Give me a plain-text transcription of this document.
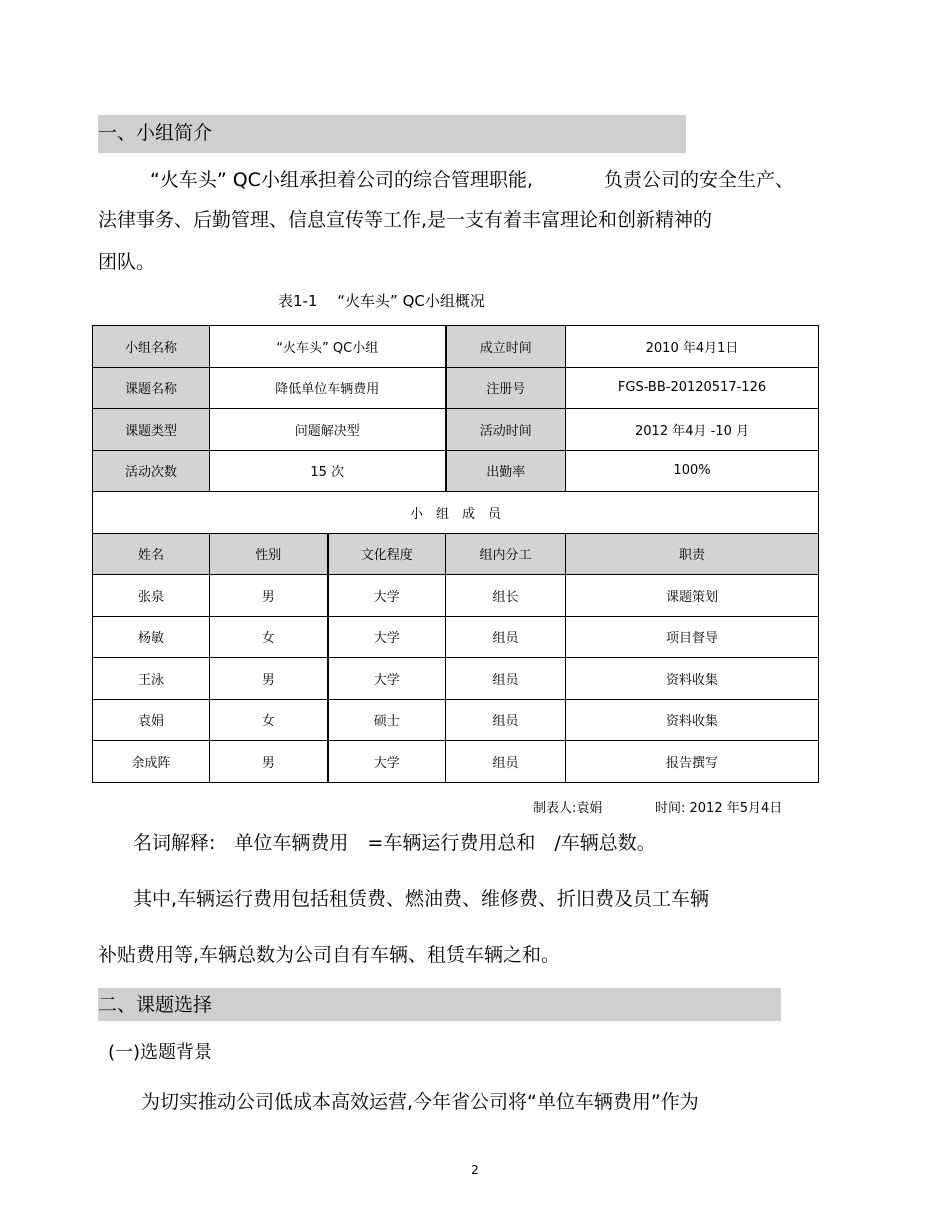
一、小组简介
“火车头” QC小组承担着公司的综合管理职能,	负责公司的安全生产、
法律事务、后勤管理、信息宣传等工作,是一支有着丰富理论和创新精神的
团队。
表1-1　 “火车头” QC小组概况
小组名称	“火车头” QC小组		成立时间	2010 年4月1日
课题名称	降低单位车辆费用		注册号	FGS-BB-20120517-126
课题类型	问题解决型		活动时间	2012 年4月 -10 月
活动次数	15 次		出勤率	100%
小　组　成　员				
姓名	性别	文化程度	组内分工	职责
张泉	男	大学	组长	课题策划
杨敏	女	大学	组员	项目督导
王泳	男	大学	组员	资料收集
袁娟	女	硕士	组员	资料收集
余成阵	男	大学	组员	报告撰写
制表人:袁娟	时间: 2012 年5月4日
名词解释:　单位车辆费用　=车辆运行费用总和　/车辆总数。
其中,车辆运行费用包括租赁费、燃油费、维修费、折旧费及员工车辆
补贴费用等,车辆总数为公司自有车辆、租赁车辆之和。
二、课题选择
(一)选题背景
为切实推动公司低成本高效运营,今年省公司将“单位车辆费用”作为
2
